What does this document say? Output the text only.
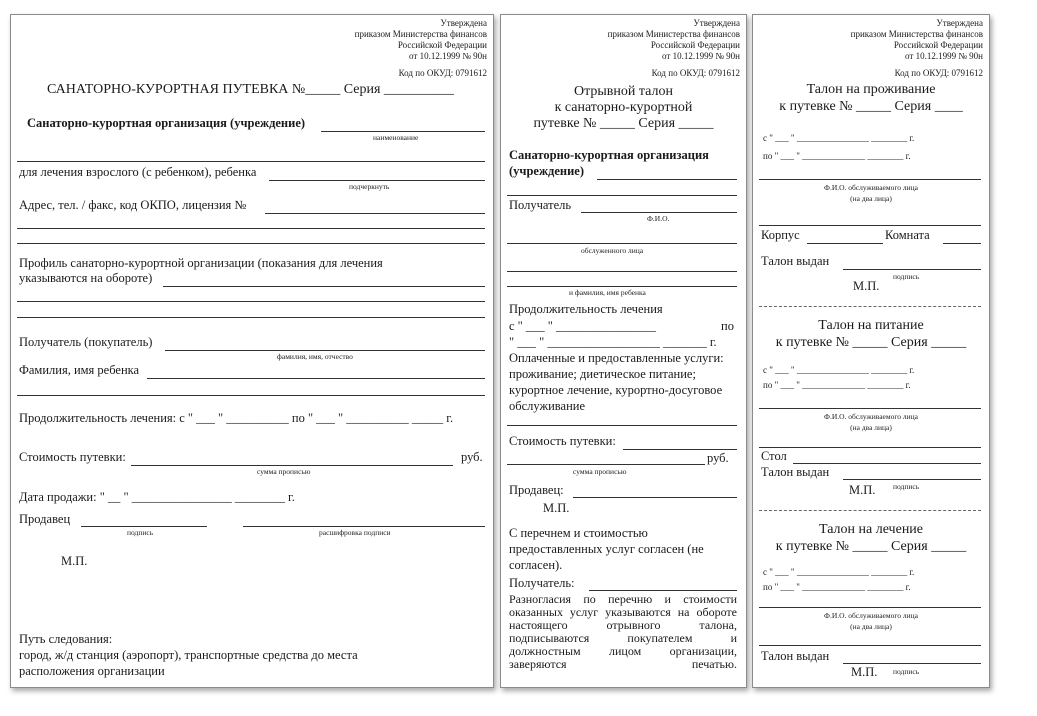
Утверждена
приказом Министерства финансов
Российской Федерации
от 10.12.1999 № 90н
Код по ОКУД: 0791612
САНАТОРНО-КУРОРТНАЯ ПУТЕВКА №_____ Серия __________
Санаторно-курортная организация (учреждение)
наименование
для лечения взрослого (с ребенком), ребенка
подчеркнуть
Адрес, тел. / факс, код ОКПО, лицензия №
Профиль санаторно-курортной организации (показания для лечения
указываются на обороте)
Получатель (покупатель)
фамилия, имя, отчество
Фамилия, имя ребенка
Продолжительность лечения: с " ___ " __________ по " ___ " __________ _____ г.
Стоимость путевки:	руб.
сумма прописью
Дата продажи: " __ " ________________ ________ г.
Продавец
подпись	расшифровка подписи
М.П.
Путь следования:
город, ж/д станция (аэропорт), транспортные средства до места
расположения организации
Утверждена
приказом Министерства финансов
Российской Федерации
от 10.12.1999 № 90н
Код по ОКУД: 0791612
Отрывной талон
к санаторно-курортной
путевке № _____ Серия _____
Санаторно-курортная организация
(учреждение)
Получатель
Ф.И.О.
обслуженного лица
и фамилия, имя ребенка
Продолжительность лечения
с " ___ " ________________	по
" ___ " __________________ _______ г.
Оплаченные и предоставленные услуги:
проживание; диетическое питание;
курортное лечение, курортно-досуговое
обслуживание
Стоимость путевки:
руб.
сумма прописью
Продавец:
М.П.
С перечнем и стоимостью
предоставленных услуг согласен (не
согласен).
Получатель:
Разногласия по перечню и стоимости оказанных услуг указываются на обороте настоящего отрывного талона, подписываются покупателем и должностным лицом организации, заверяются печатью.
Утверждена
приказом Министерства финансов
Российской Федерации
от 10.12.1999 № 90н
Код по ОКУД: 0791612
Талон на проживание
к путевке № _____ Серия ____
с " ___ " ________________ ________ г.
по " ___ " ______________ ________ г.
Ф.И.О. обслуживаемого лица
(на два лица)
Корпус	Комната
Талон выдан
подпись
М.П.
Талон на питание
к путевке № _____ Серия _____
с " ___ " ________________ ________ г.
по " ___ " ______________ ________ г.
Ф.И.О. обслуживаемого лица
(на два лица)
Стол
Талон выдан
М.П. подпись
Талон на лечение
к путевке № _____ Серия _____
с " ___ " ________________ ________ г.
по " ___ " ______________ ________ г.
Ф.И.О. обслуживаемого лица
(на два лица)
Талон выдан
М.П. подпись
